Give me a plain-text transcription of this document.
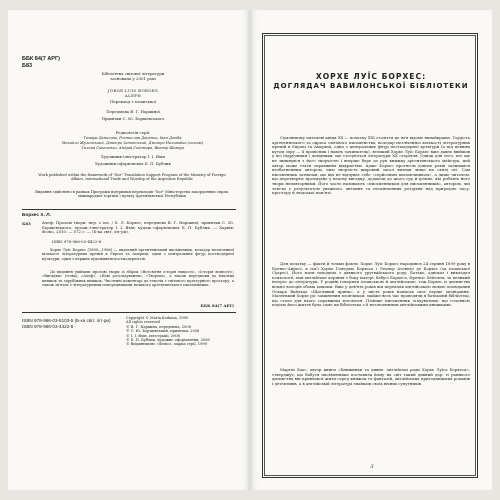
ББК 84(7 АРГ)
Б83
Бібліотека світової літератури
заснована у 2001 році
JORGE LUIS BORGES
ALEPH
Переклад з іспанської
Передмова В. Г. Наріжної
Примітки С. Ю. Борщевського
Редколегія серії:
Тамара Денисова, Ростислав Доценко, Іван Дзюба,
Михайло Жулинський, Дмитро Затонський, Дмитро Наливайко (голова),
Галина Сиваченко, Андрій Содомора, Віктор Шовкун
Художник-ілюстратор І. І. Яхін
Художник-оформлювач Б. П. Бублик
Work published within the framework of "Sur" Translation Support Program of the Ministry of Foreign Affairs, International Trade and Worship of the Argentine Republic
Видання здійснено в рамках Програми підтримки перекладів "Sur" Міністерства закордонних справ, міжнародної торгівлі і культу Аргентинської Республіки
Борхес Х. Л.
Б83	Алеф: Прозові твори: пер. з ісп. / Х. Л. Борхес; передмова В. Г. Наріжної; примітки С. Ю. Борщевського; худож.-ілюстратор І. І. Яхін; худож.-оформлювач Б. П. Бублик. — Харків: Фоліо, 2010. — 572 с. — (Б-ка світ. літ-ри).
ISBN 978-966-03-4422-8
Хорхе Луїс Борхес (1899—1986) — видатний аргентинський письменник, володар незліченної кількості літературних премій в Європі та Америці, один з центральних фігур постмодерної культури, один з перших художників-постмодерністів.
До видання увійшли прозові твори із збірок «Всесвітня історія ницості», «Історія вічності», «Вигадки» (гілка), «Алеф», «Нові розслідування», «Творець», а також передмови до власних книжок та зарубіжних книжок. Численні коментарі до текстів з світового культурного простору, а також зв'язок з літературними попередниками великого аргентинського письменника.
ББК 84(7 АРГ)
Copyright © María Kodama, 1995
All rights reserved
© В. Г. Наріжна, передмова, 2008
© С. Ю. Борщевський, примітки, 2008
© І. І. Яхін, ілюстрації, 2008
© Б. П. Бублик, художнє оформлення, 2008
© Видавництво «Фоліо», марка серії, 1999
ISBN 978-966-03-5103-5 (Б-ка світ. літ-ри)
ISBN 978-966-03-4422-8
ХОРХЕ ЛУЇС БОРХЕС:
ДОГЛЯДАЧ ВАВИЛОНСЬКОЇ БІБЛІОТЕКИ
Сумлінному читачеві кінця ХХ — початку ХХІ століття це ім'я відоме якнайкраще. Гордість аргентинського та окраса світового письменства, володар незліченної кількості літературних премій в Європі та Америці, одна з центральних фігур постмодерної культури (а під певним кутом зору — її провісник і навіть зачинатель), великий Хорхе Луїс Борхес вже давно ввійшов у всі підручники і довідники, що стосуються літератури ХХ сторіччя. Однак для того, хто ще не звикнувся з його творчістю і вперше бере до рук книжку аргентинського майстра, цей автор може стати справжнім відкриттям. Адже Борхес протягом довгих років залишався незбагненним автором, чию творчість широкий загал визнав лише на схилі літ. Сам письменник зазначав, що він не відчуває себе «серйозним письменником», а лише читачем, що перетворює прочитане у власну вигадку, додаючи до цього гру й іронію, які роблять його твори неповторними. Його часто називають «письменником для письменників», автором, чиї тексти є результатом уважного читання та нескінченних роздумів над природою часу, простору й людської пам'яті.
Для початку — факти й тільки факти. Хорхе Луїс Борхес народився 24 серпня 1899 року в Буенос-Айресі, в сім'ї Хорхе Гільєрмо Борхеса і Леонор Асеведо де Борхес (за іспанської Суареc). Його мати походила з давнього уругвайського роду. Батько, адвокат і викладач психології, мав англійське коріння з боку матері, бабусі Борхеса, Френсіс Хейзлем, та великий інтерес до літератури. У родині говорили іспанською й англійською, тож Борхес із дитинства вільно володів обома мовами. Вже у дев'ять років він переклав англійською мовою оповідання Оскара Вайльда «Щасливий принц», а у шість років написав своє перше оповідання. Маленький Хорхе ріс замкненим хлопчиком, майже весь час проводячи в батьковій бібліотеці, що стала для нього справжнім всесвітом. Пізніше письменник згадуватиме, що головною подією його життя була саме ця бібліотека з її незліченними англійськими книжками.
Мартін Хаас, автор книги «Книжники та дивне: англійські ради Хорхе Луїса Борхеса», стверджує, що бабуся письменника поставила йому на світ такий дивний дар: із раннього дитинства він привчався жити серед книжок та фантазій, англійських пригодницьких романів і детективів, а в англійській літературі знайшов своїх вічних супутників.
3
